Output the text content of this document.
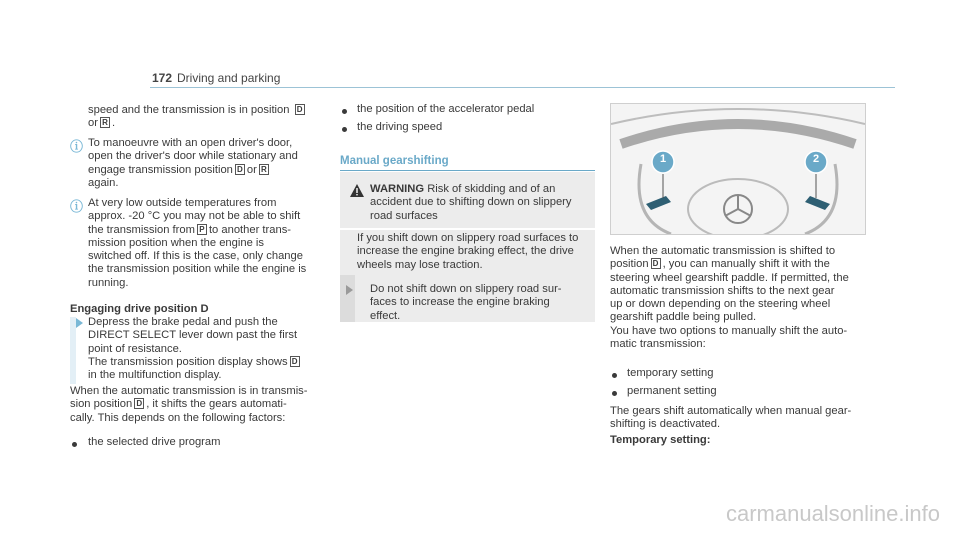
172 Driving and parking
speed and the transmission is in position D
or R .
ⓘ To manoeuvre with an open driver's door,
open the driver's door while stationary and
engage transmission position D or R
again.
ⓘ At very low outside temperatures from
approx. -20 °C you may not be able to shift
the transmission from P to another trans-
mission position when the engine is
switched off. If this is the case, only change
the transmission position while the engine is
running.
Engaging drive position D
Depress the brake pedal and push the
DIRECT SELECT lever down past the first
point of resistance.
The transmission position display shows D
in the multifunction display.
When the automatic transmission is in transmis-
sion position D , it shifts the gears automati-
cally. This depends on the following factors:
the selected drive program
the position of the accelerator pedal
the driving speed
Manual gearshifting
WARNING Risk of skidding and of an
accident due to shifting down on slippery
road surfaces
If you shift down on slippery road surfaces to
increase the engine braking effect, the drive
wheels may lose traction.
Do not shift down on slippery road sur-
faces to increase the engine braking
effect.
1	2
When the automatic transmission is shifted to
position D , you can manually shift it with the
steering wheel gearshift paddle. If permitted, the
automatic transmission shifts to the next gear
up or down depending on the steering wheel
gearshift paddle being pulled.
You have two options to manually shift the auto-
matic transmission:
temporary setting
permanent setting
The gears shift automatically when manual gear-
shifting is deactivated.
Temporary setting:
carmanualsonline.info
